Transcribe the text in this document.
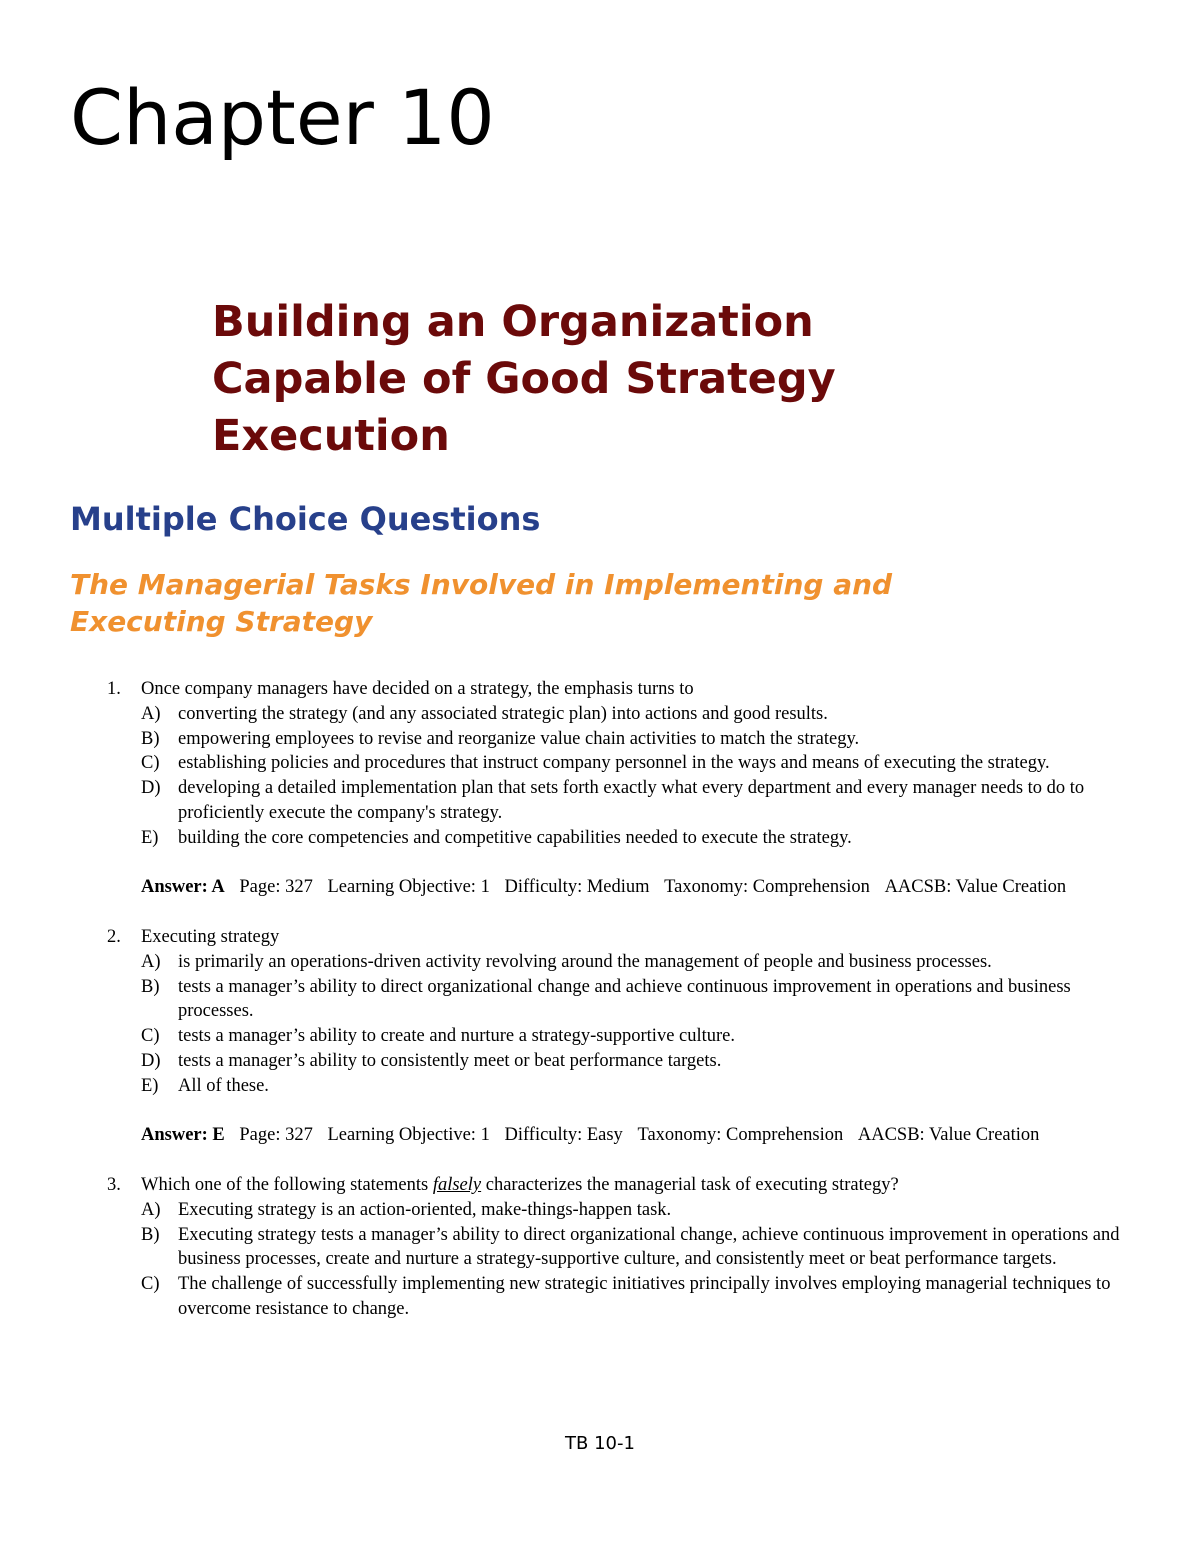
Chapter 10
Building an Organization
Capable of Good Strategy
Execution
Multiple Choice Questions
The Managerial Tasks Involved in Implementing and
Executing Strategy
1. Once company managers have decided on a strategy, the emphasis turns to
A) converting the strategy (and any associated strategic plan) into actions and good results.
B) empowering employees to revise and reorganize value chain activities to match the strategy.
C) establishing policies and procedures that instruct company personnel in the ways and means of executing the strategy.
D) developing a detailed implementation plan that sets forth exactly what every department and every manager needs to do to proficiently execute the company's strategy.
E) building the core competencies and competitive capabilities needed to execute the strategy.
Answer: A Page: 327 Learning Objective: 1 Difficulty: Medium Taxonomy: Comprehension AACSB: Value Creation
2. Executing strategy
A) is primarily an operations-driven activity revolving around the management of people and business processes.
B) tests a manager’s ability to direct organizational change and achieve continuous improvement in operations and business processes.
C) tests a manager’s ability to create and nurture a strategy-supportive culture.
D) tests a manager’s ability to consistently meet or beat performance targets.
E) All of these.
Answer: E Page: 327 Learning Objective: 1 Difficulty: Easy Taxonomy: Comprehension AACSB: Value Creation
3. Which one of the following statements falsely characterizes the managerial task of executing strategy?
A) Executing strategy is an action-oriented, make-things-happen task.
B) Executing strategy tests a manager’s ability to direct organizational change, achieve continuous improvement in operations and business processes, create and nurture a strategy-supportive culture, and consistently meet or beat performance targets.
C) The challenge of successfully implementing new strategic initiatives principally involves employing managerial techniques to overcome resistance to change.
TB 10-1
